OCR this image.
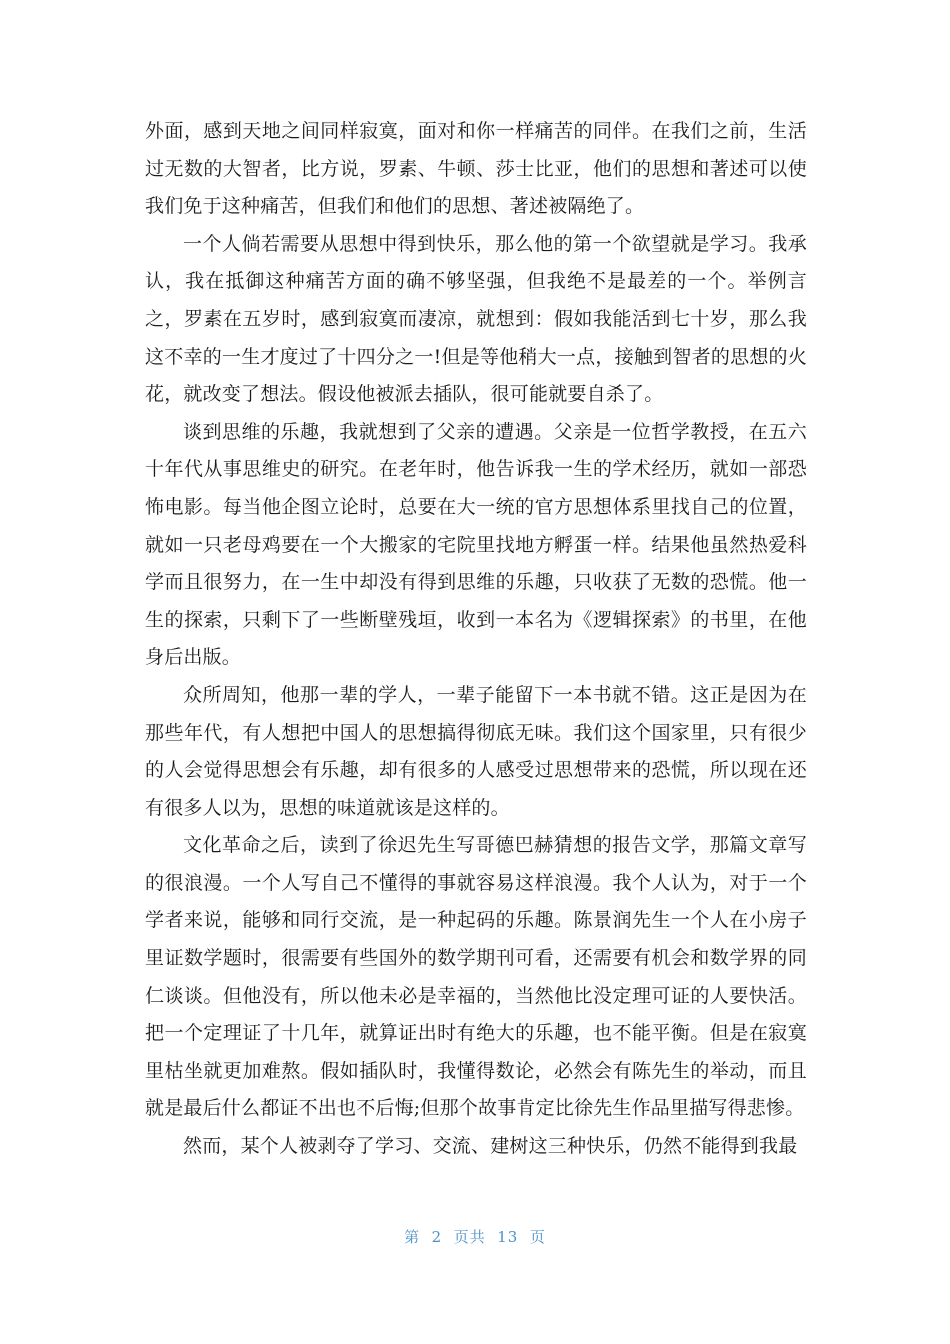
外面，感到天地之间同样寂寞，面对和你一样痛苦的同伴。在我们之前，生活过无数的大智者，比方说，罗素、牛顿、莎士比亚，他们的思想和著述可以使我们免于这种痛苦，但我们和他们的思想、著述被隔绝了。

一个人倘若需要从思想中得到快乐，那么他的第一个欲望就是学习。我承认，我在抵御这种痛苦方面的确不够坚强，但我绝不是最差的一个。举例言之，罗素在五岁时，感到寂寞而凄凉，就想到：假如我能活到七十岁，那么我这不幸的一生才度过了十四分之一!但是等他稍大一点，接触到智者的思想的火花，就改变了想法。假设他被派去插队，很可能就要自杀了。

谈到思维的乐趣，我就想到了父亲的遭遇。父亲是一位哲学教授，在五六十年代从事思维史的研究。在老年时，他告诉我一生的学术经历，就如一部恐怖电影。每当他企图立论时，总要在大一统的官方思想体系里找自己的位置，就如一只老母鸡要在一个大搬家的宅院里找地方孵蛋一样。结果他虽然热爱科学而且很努力，在一生中却没有得到思维的乐趣，只收获了无数的恐慌。他一生的探索，只剩下了一些断壁残垣，收到一本名为《逻辑探索》的书里，在他身后出版。

众所周知，他那一辈的学人，一辈子能留下一本书就不错。这正是因为在那些年代，有人想把中国人的思想搞得彻底无味。我们这个国家里，只有很少的人会觉得思想会有乐趣，却有很多的人感受过思想带来的恐慌，所以现在还有很多人以为，思想的味道就该是这样的。

文化革命之后，读到了徐迟先生写哥德巴赫猜想的报告文学，那篇文章写的很浪漫。一个人写自己不懂得的事就容易这样浪漫。我个人认为，对于一个学者来说，能够和同行交流，是一种起码的乐趣。陈景润先生一个人在小房子里证数学题时，很需要有些国外的数学期刊可看，还需要有机会和数学界的同仁谈谈。但他没有，所以他未必是幸福的，当然他比没定理可证的人要快活。把一个定理证了十几年，就算证出时有绝大的乐趣，也不能平衡。但是在寂寞里枯坐就更加难熬。假如插队时，我懂得数论，必然会有陈先生的举动，而且就是最后什么都证不出也不后悔;但那个故事肯定比徐先生作品里描写得悲惨。

然而，某个人被剥夺了学习、交流、建树这三种快乐，仍然不能得到我最

第  2  页共  13  页
